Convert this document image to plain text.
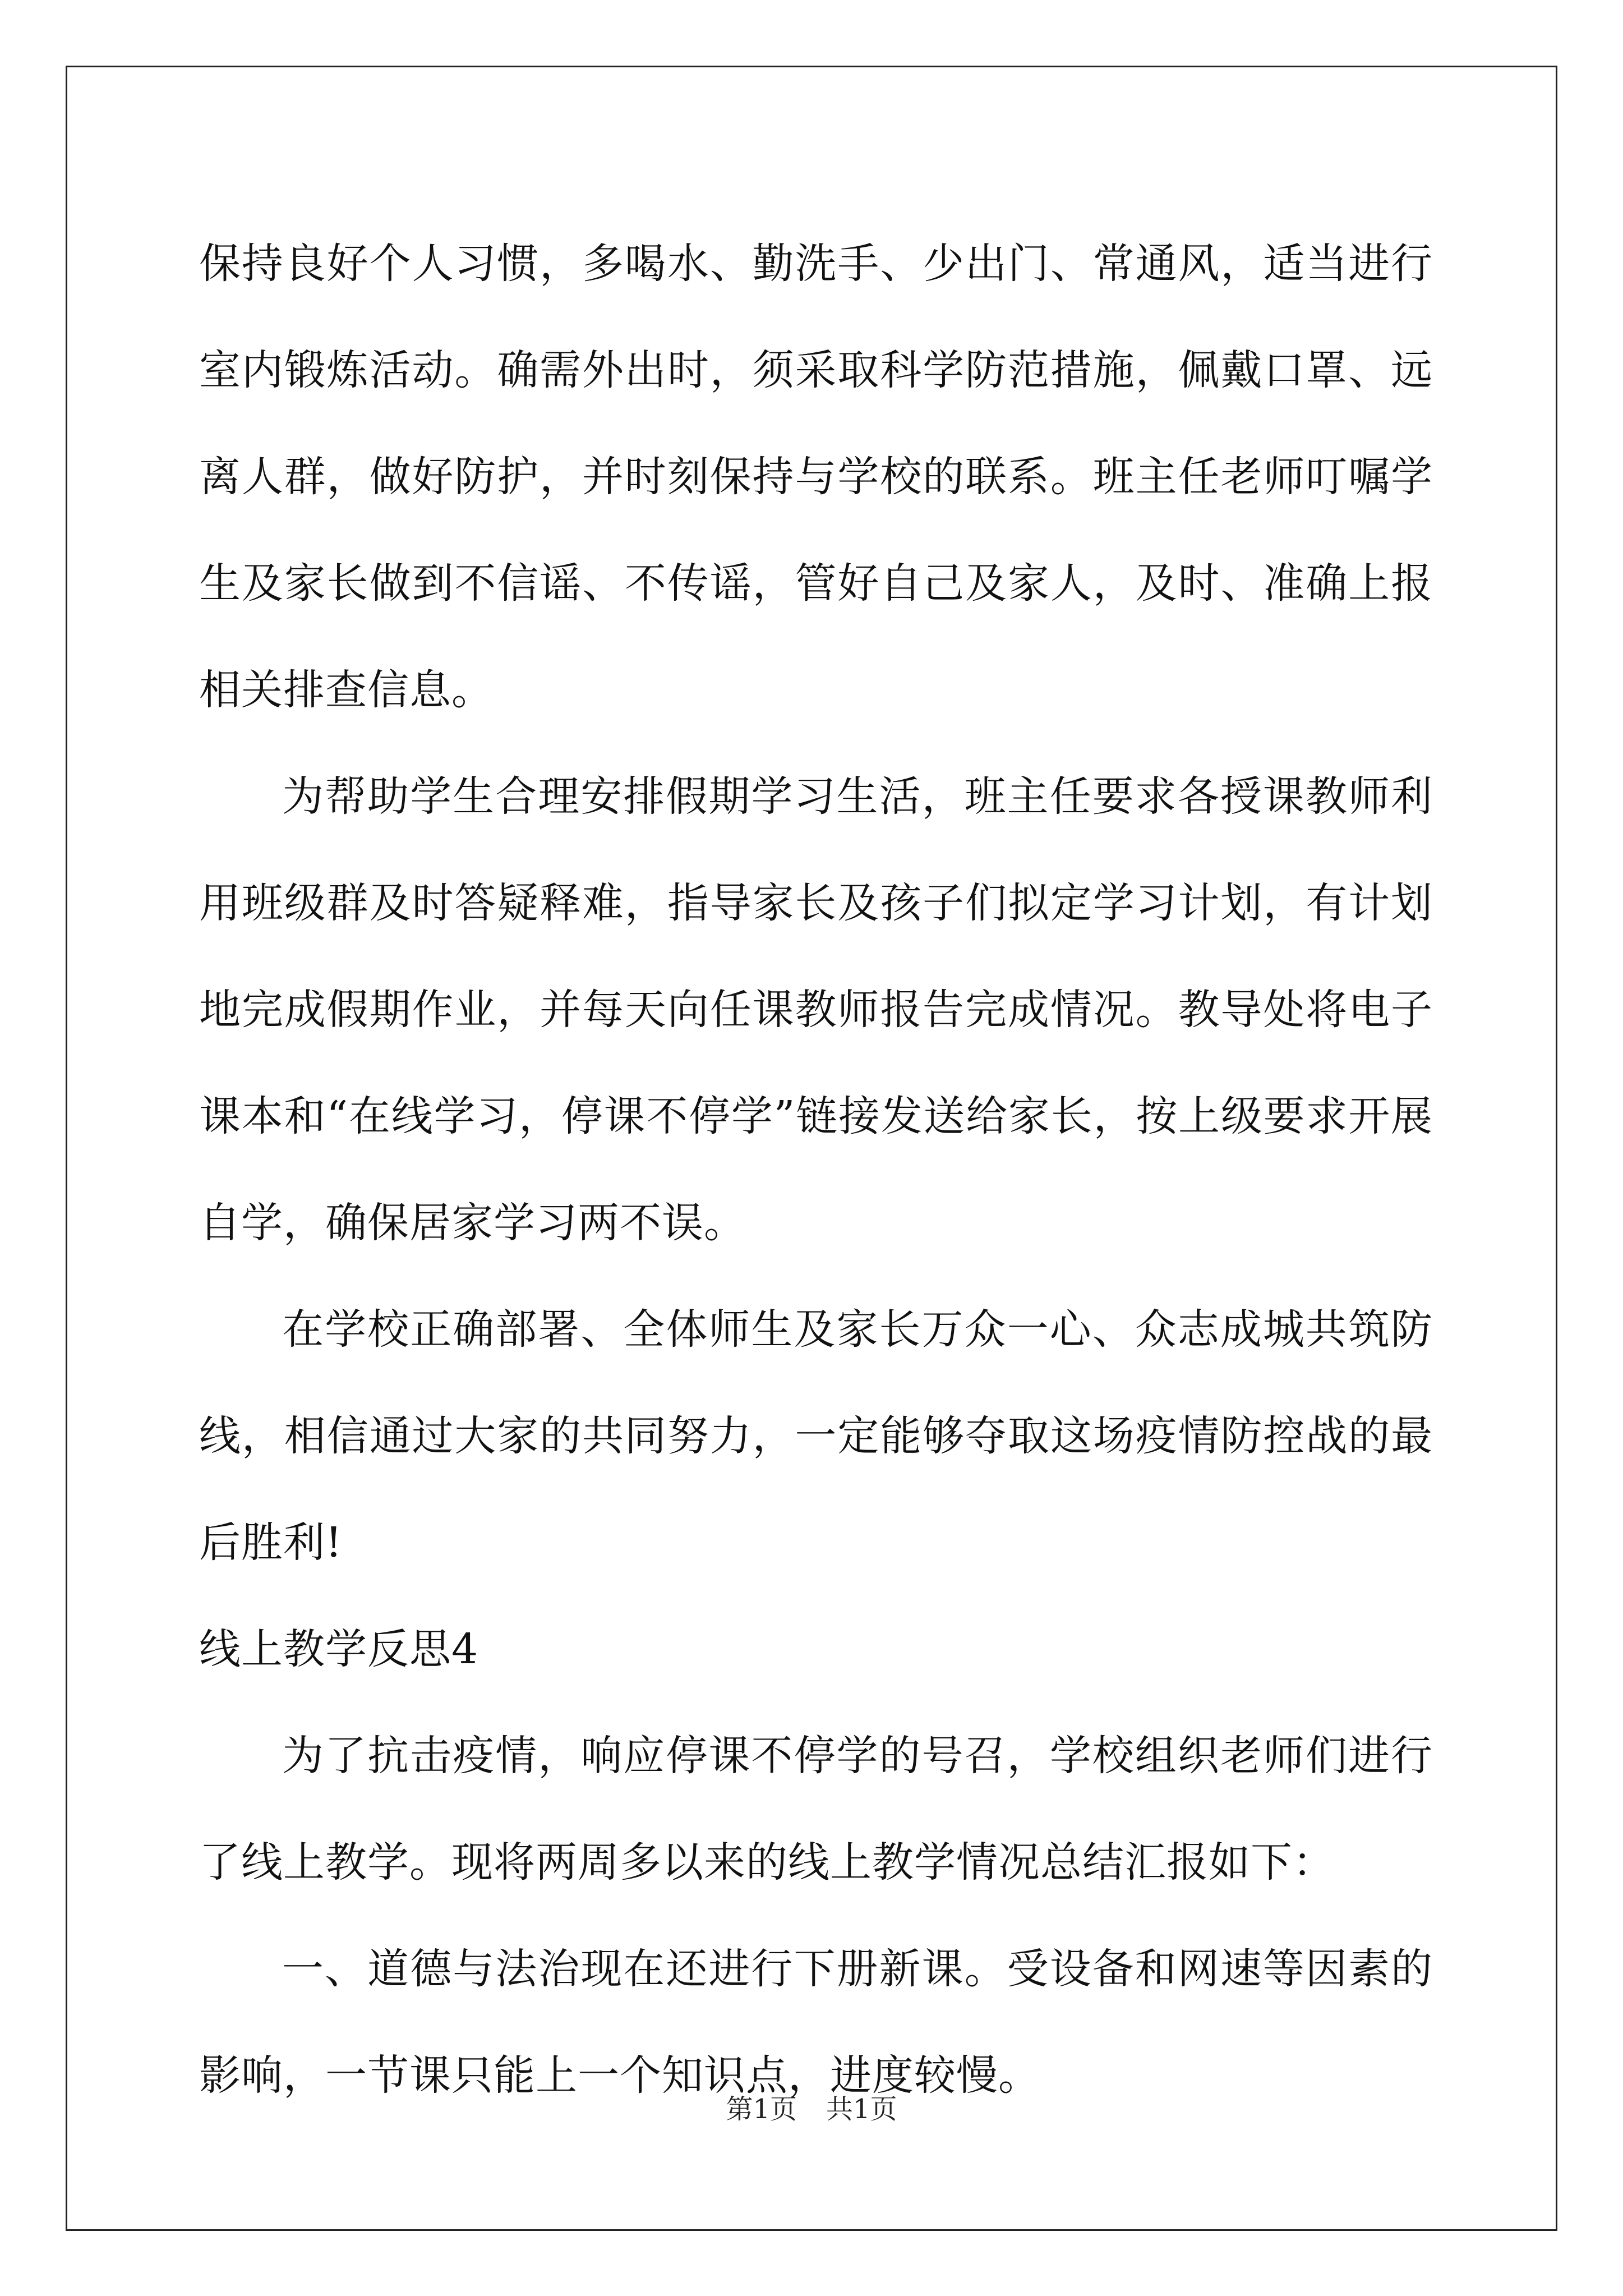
保持良好个人习惯，多喝水、勤洗手、少出门、常通风，适当进行室内锻炼活动。确需外出时，须采取科学防范措施，佩戴口罩、远离人群，做好防护，并时刻保持与学校的联系。班主任老师叮嘱学生及家长做到不信谣、不传谣，管好自己及家人，及时、准确上报相关排查信息。

为帮助学生合理安排假期学习生活，班主任要求各授课教师利用班级群及时答疑释难，指导家长及孩子们拟定学习计划，有计划地完成假期作业，并每天向任课教师报告完成情况。教导处将电子课本和“在线学习，停课不停学”链接发送给家长，按上级要求开展自学，确保居家学习两不误。

在学校正确部署、全体师生及家长万众一心、众志成城共筑防线，相信通过大家的共同努力，一定能够夺取这场疫情防控战的最后胜利!

线上教学反思4

为了抗击疫情，响应停课不停学的号召，学校组织老师们进行了线上教学。现将两周多以来的线上教学情况总结汇报如下：

一、道德与法治现在还进行下册新课。受设备和网速等因素的影响，一节课只能上一个知识点，进度较慢。

第1页 共1页
